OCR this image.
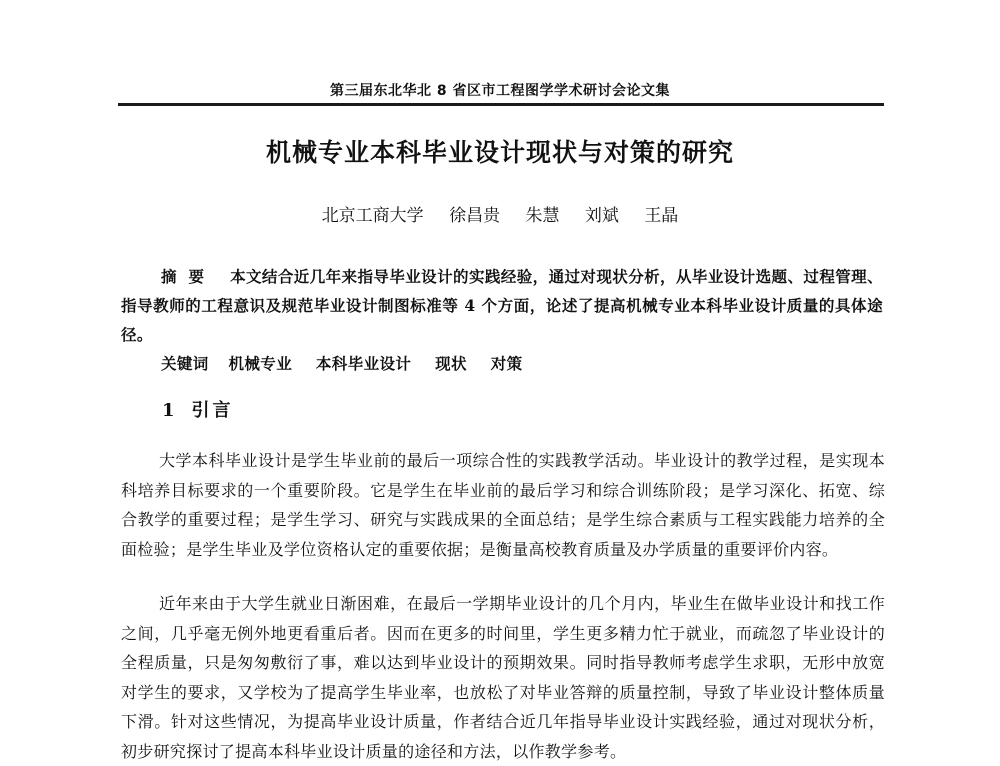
第三届东北华北 8 省区市工程图学学术研讨会论文集
机械专业本科毕业设计现状与对策的研究
北京工商大学 徐昌贵 朱慧 刘斌 王晶
摘要 本文结合近几年来指导毕业设计的实践经验，通过对现状分析，从毕业设计选题、过程管理、指导教师的工程意识及规范毕业设计制图标准等 4 个方面，论述了提高机械专业本科毕业设计质量的具体途径。
关键词 机械专业 本科毕业设计 现状 对策
1 引言
大学本科毕业设计是学生毕业前的最后一项综合性的实践教学活动。毕业设计的教学过程，是实现本科培养目标要求的一个重要阶段。它是学生在毕业前的最后学习和综合训练阶段；是学习深化、拓宽、综合教学的重要过程；是学生学习、研究与实践成果的全面总结；是学生综合素质与工程实践能力培养的全面检验；是学生毕业及学位资格认定的重要依据；是衡量高校教育质量及办学质量的重要评价内容。
近年来由于大学生就业日渐困难，在最后一学期毕业设计的几个月内，毕业生在做毕业设计和找工作之间，几乎毫无例外地更看重后者。因而在更多的时间里，学生更多精力忙于就业，而疏忽了毕业设计的全程质量，只是匆匆敷衍了事，难以达到毕业设计的预期效果。同时指导教师考虑学生求职，无形中放宽对学生的要求，又学校为了提高学生毕业率，也放松了对毕业答辩的质量控制，导致了毕业设计整体质量下滑。针对这些情况，为提高毕业设计质量，作者结合近几年指导毕业设计实践经验，通过对现状分析，初步研究探讨了提高本科毕业设计质量的途径和方法，以作教学参考。
